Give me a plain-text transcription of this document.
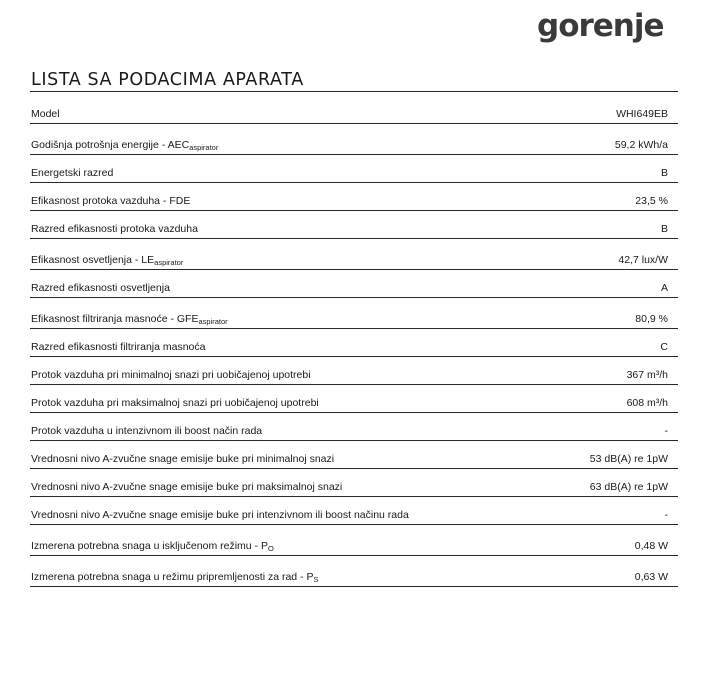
gorenje
LISTA SA PODACIMA APARATA
Model	WHI649EB
Godišnja potrošnja energije - $AEC_{aspirator}$	59,2 kWh/a
Energetski razred	B
Efikasnost protoka vazduha - FDE	23,5 %
Razred efikasnosti protoka vazduha	B
Efikasnost osvetljenja - $LE_{aspirator}$	42,7 lux/W
Razred efikasnosti osvetljenja	A
Efikasnost filtriranja masnoće - $GFE_{aspirator}$	80,9 %
Razred efikasnosti filtriranja masnoća	C
Protok vazduha pri minimalnoj snazi pri uobičajenoj upotrebi	367 m³/h
Protok vazduha pri maksimalnoj snazi pri uobičajenoj upotrebi	608 m³/h
Protok vazduha u intenzivnom ili boost način rada	-
Vrednosni nivo A-zvučne snage emisije buke pri minimalnoj snazi	53 dB(A) re 1pW
Vrednosni nivo A-zvučne snage emisije buke pri maksimalnoj snazi	63 dB(A) re 1pW
Vrednosni nivo A-zvučne snage emisije buke pri intenzivnom ili boost načinu rada	-
Izmerena potrebna snaga u isključenom režimu - $P_O$	0,48 W
Izmerena potrebna snaga u režimu pripremljenosti za rad - $P_S$	0,63 W
